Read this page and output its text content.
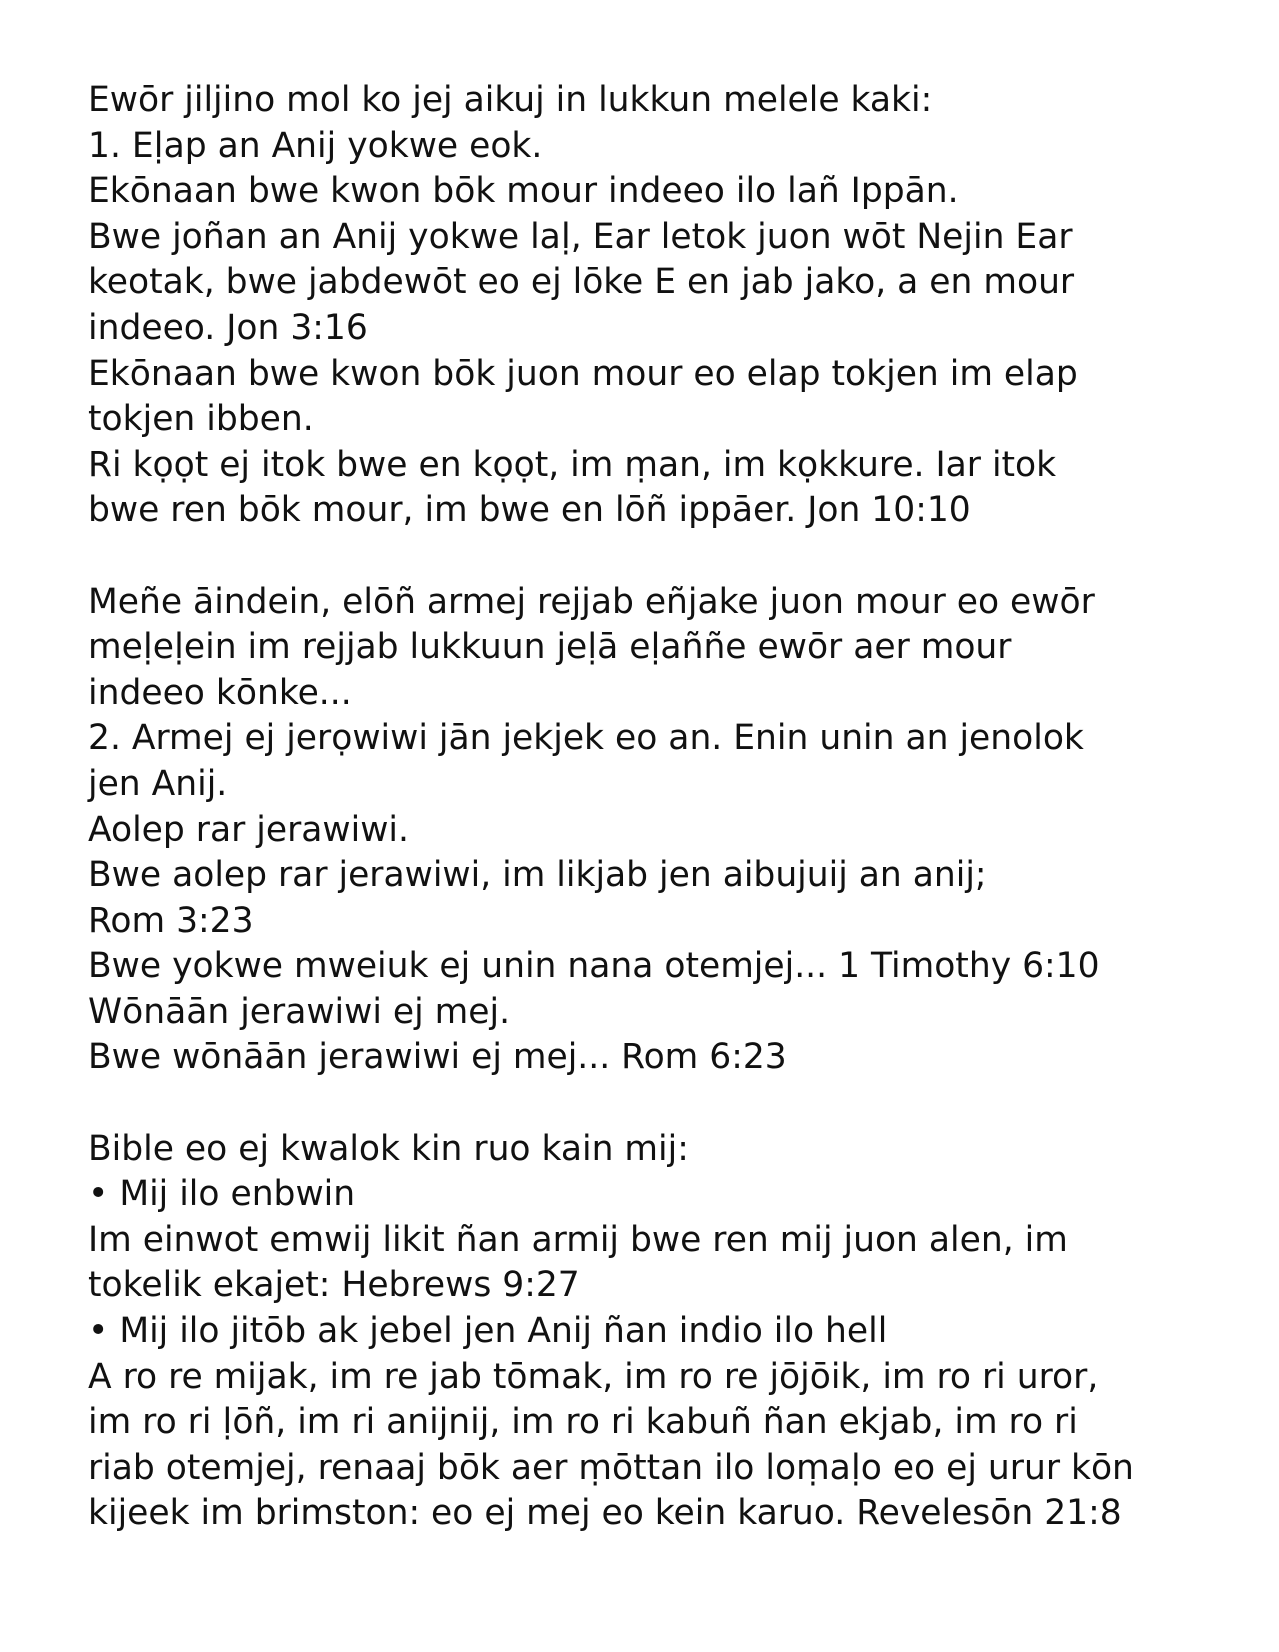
Ewōr jiljino mol ko jej aikuj in lukkun melele kaki:
1. Eḷap an Anij yokwe eok.
Ekōnaan bwe kwon bōk mour indeeo ilo lañ Ippān.
Bwe joñan an Anij yokwe laḷ, Ear letok juon wōt Nejin Ear
keotak, bwe jabdewōt eo ej lōke E en jab jako, a en mour
indeeo. Jon 3:16
Ekōnaan bwe kwon bōk juon mour eo elap tokjen im elap
tokjen ibben.
Ri kọọt ej itok bwe en kọọt, im ṃan, im kọkkure. Iar itok
bwe ren bōk mour, im bwe en lōñ ippāer. Jon 10:10
Meñe āindein, elōñ armej rejjab eñjake juon mour eo ewōr
meḷeḷein im rejjab lukkuun jeḷā eḷaññe ewōr aer mour
indeeo kōnke...
2. Armej ej jerọwiwi jān jekjek eo an. Enin unin an jenolok
jen Anij.
Aolep rar jerawiwi.
Bwe aolep rar jerawiwi, im likjab jen aibujuij an anij;
Rom 3:23
Bwe yokwe mweiuk ej unin nana otemjej... 1 Timothy 6:10
Wōnāān jerawiwi ej mej.
Bwe wōnāān jerawiwi ej mej... Rom 6:23
Bible eo ej kwalok kin ruo kain mij:
• Mij ilo enbwin
Im einwot emwij likit ñan armij bwe ren mij juon alen, im
tokelik ekajet: Hebrews 9:27
• Mij ilo jitōb ak jebel jen Anij ñan indio ilo hell
A ro re mijak, im re jab tōmak, im ro re jōjōik, im ro ri uror,
im ro ri ḷōñ, im ri anijnij, im ro ri kabuñ ñan ekjab, im ro ri
riab otemjej, renaaj bōk aer ṃōttan ilo loṃaḷo eo ej urur kōn
kijeek im brimston: eo ej mej eo kein karuo. Revelesōn 21:8
